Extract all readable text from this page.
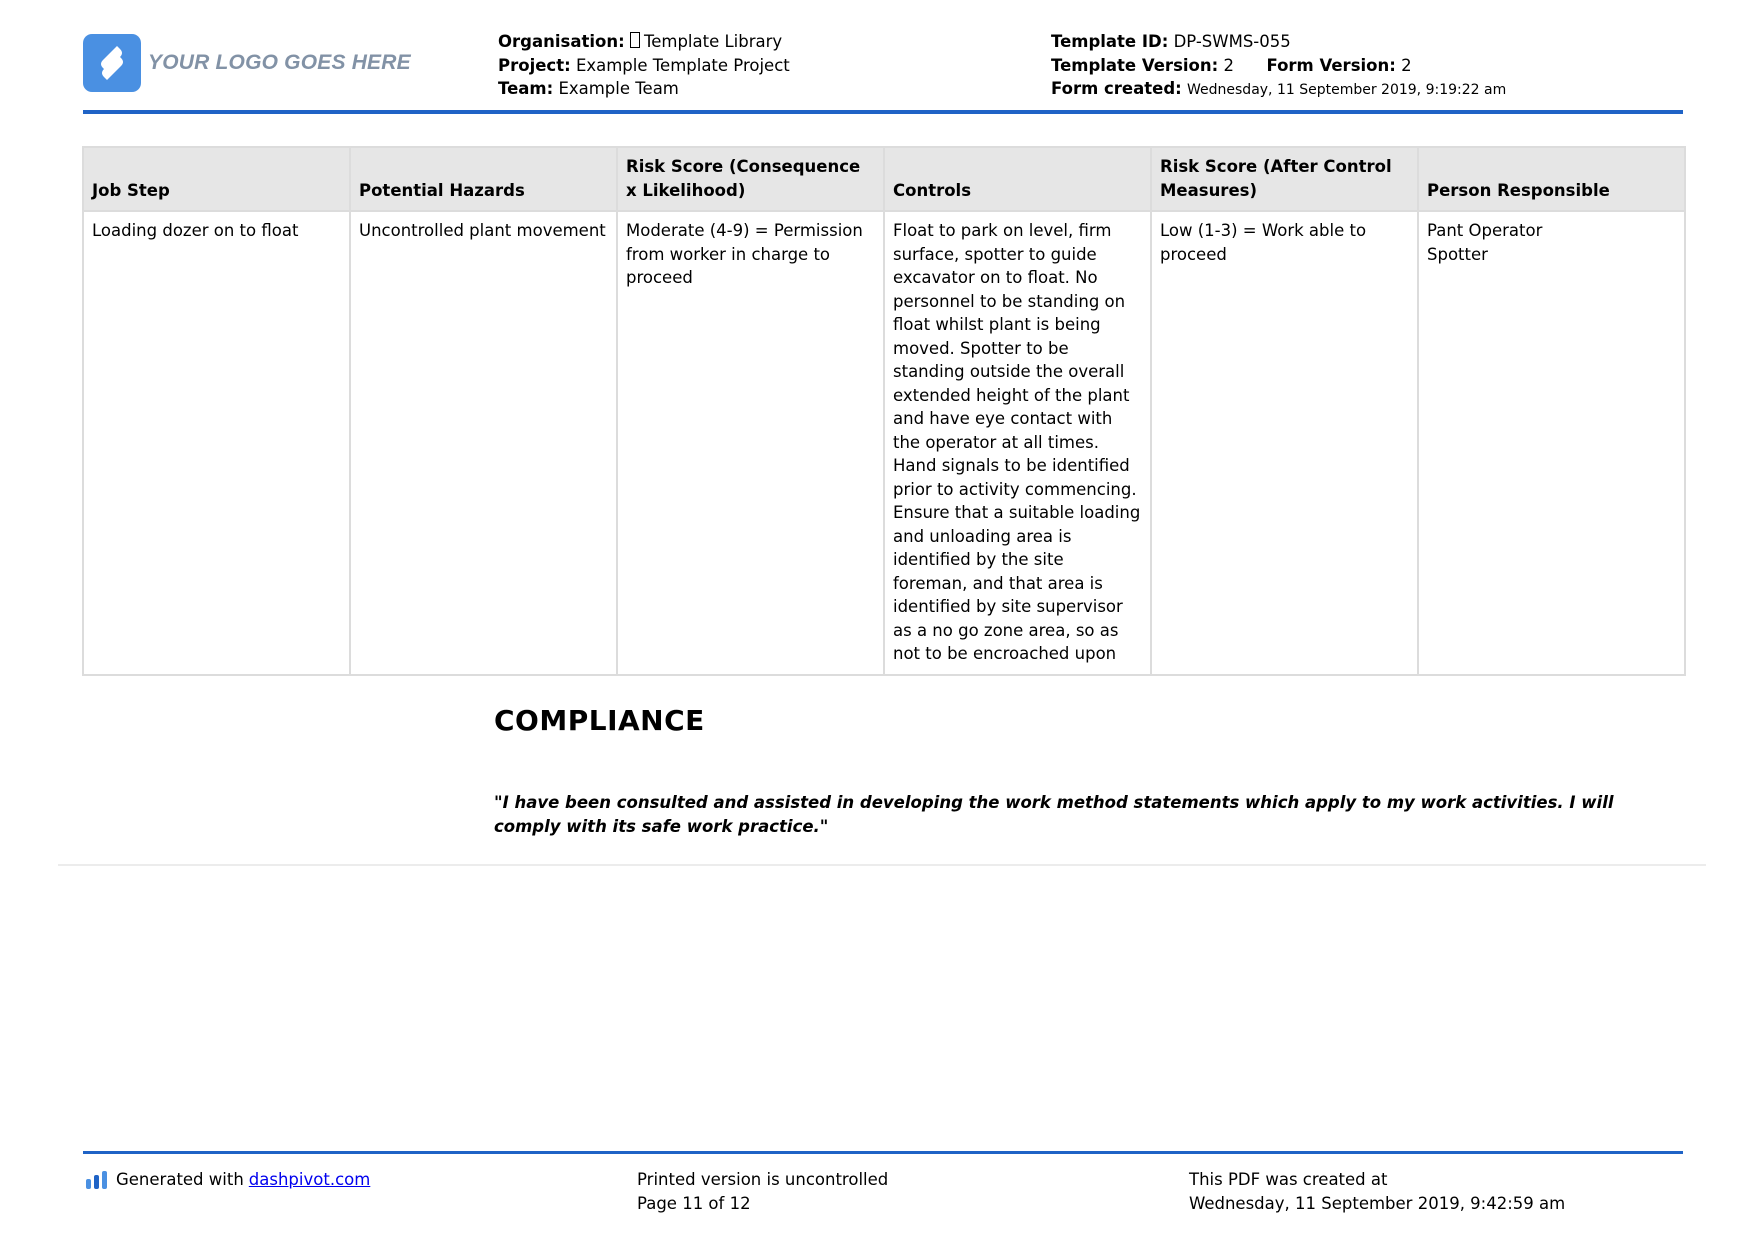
YOUR LOGO GOES HERE
Organisation: Template Library
Project: Example Template Project
Team: Example Team
Template ID: DP-SWMS-055
Template Version: 2 Form Version: 2
Form created: Wednesday, 11 September 2019, 9:19:22 am
Job Step	Potential Hazards	Risk Score (Consequence x Likelihood)	Controls	Risk Score (After Control Measures)	Person Responsible
Loading dozer on to float	Uncontrolled plant movement	Moderate (4-9) = Permission from worker in charge to proceed	Float to park on level, firm surface, spotter to guide excavator on to float. No personnel to be standing on float whilst plant is being moved. Spotter to be standing outside the overall extended height of the plant and have eye contact with the operator at all times. Hand signals to be identified prior to activity commencing. Ensure that a suitable loading and unloading area is identified by the site foreman, and that area is identified by site supervisor as a no go zone area, so as not to be encroached upon	Low (1-3) = Work able to proceed	Pant Operator
Spotter
COMPLIANCE
"I have been consulted and assisted in developing the work method statements which apply to my work activities. I will comply with its safe work practice."
Generated with dashpivot.com	Printed version is uncontrolled
Page 11 of 12
This PDF was created at
Wednesday, 11 September 2019, 9:42:59 am
